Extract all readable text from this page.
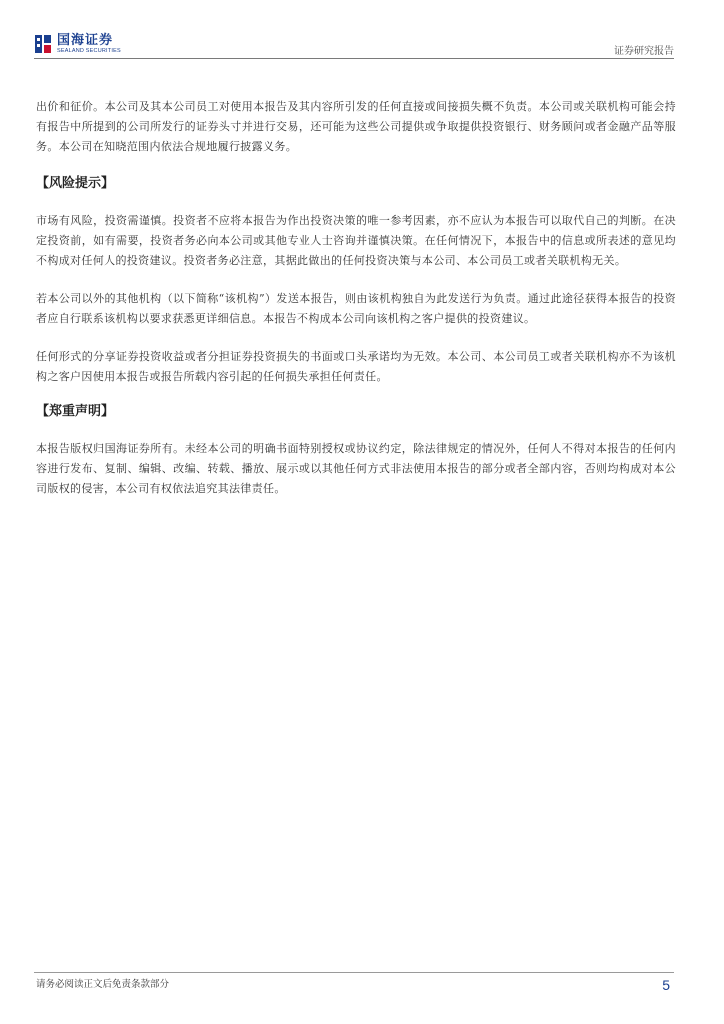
国海证券
SEALAND SECURITIES	证券研究报告

出价和征价。本公司及其本公司员工对使用本报告及其内容所引发的任何直接或间接损失概不负责。本公司或关联机构可能会持有报告中所提到的公司所发行的证券头寸并进行交易，还可能为这些公司提供或争取提供投资银行、财务顾问或者金融产品等服务。本公司在知晓范围内依法合规地履行披露义务。

【风险提示】

市场有风险，投资需谨慎。投资者不应将本报告为作出投资决策的唯一参考因素，亦不应认为本报告可以取代自己的判断。在决定投资前，如有需要，投资者务必向本公司或其他专业人士咨询并谨慎决策。在任何情况下，本报告中的信息或所表述的意见均不构成对任何人的投资建议。投资者务必注意，其据此做出的任何投资决策与本公司、本公司员工或者关联机构无关。

若本公司以外的其他机构（以下简称“该机构”）发送本报告，则由该机构独自为此发送行为负责。通过此途径获得本报告的投资者应自行联系该机构以要求获悉更详细信息。本报告不构成本公司向该机构之客户提供的投资建议。

任何形式的分享证券投资收益或者分担证券投资损失的书面或口头承诺均为无效。本公司、本公司员工或者关联机构亦不为该机构之客户因使用本报告或报告所载内容引起的任何损失承担任何责任。

【郑重声明】

本报告版权归国海证券所有。未经本公司的明确书面特别授权或协议约定，除法律规定的情况外，任何人不得对本报告的任何内容进行发布、复制、编辑、改编、转载、播放、展示或以其他任何方式非法使用本报告的部分或者全部内容，否则均构成对本公司版权的侵害，本公司有权依法追究其法律责任。

请务必阅读正文后免责条款部分	5
